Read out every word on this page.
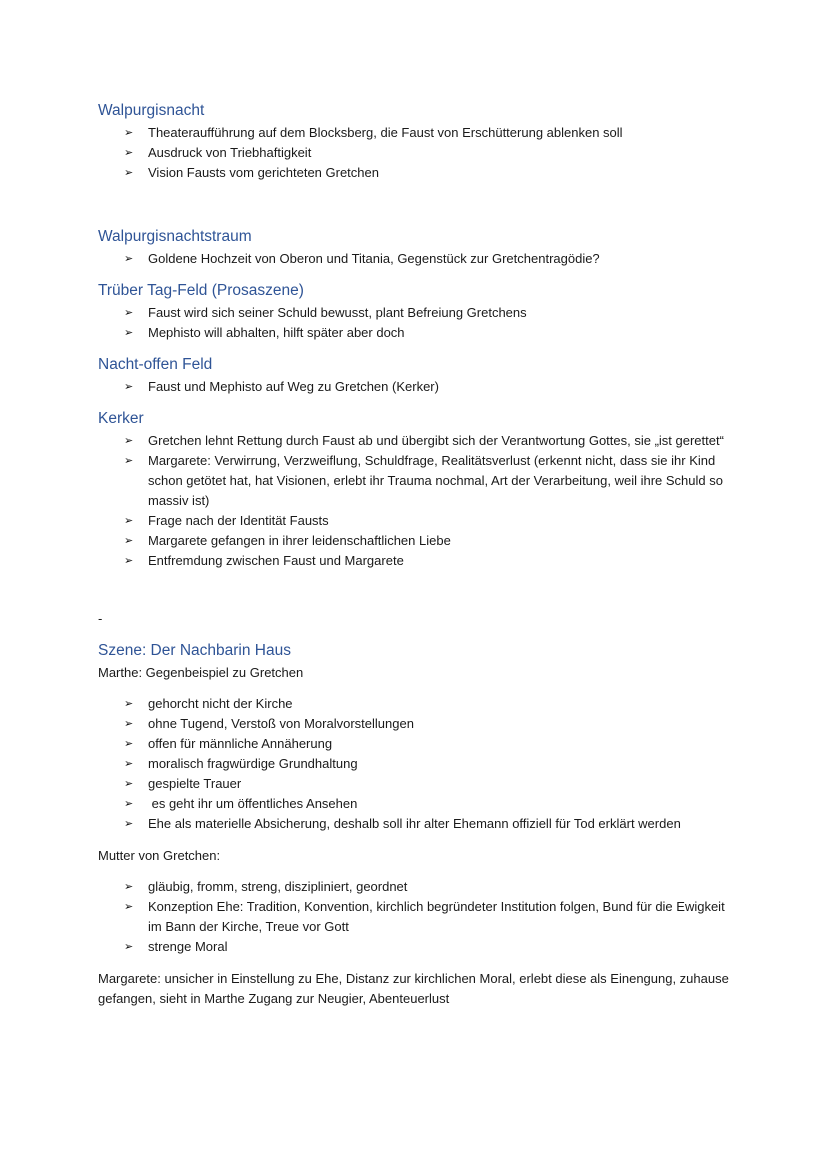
Walpurgisnacht
➢ Theateraufführung auf dem Blocksberg, die Faust von Erschütterung ablenken soll
➢ Ausdruck von Triebhaftigkeit
➢ Vision Fausts vom gerichteten Gretchen
Walpurgisnachtstraum
➢ Goldene Hochzeit von Oberon und Titania, Gegenstück zur Gretchentragödie?
Trüber Tag-Feld (Prosaszene)
➢ Faust wird sich seiner Schuld bewusst, plant Befreiung Gretchens
➢ Mephisto will abhalten, hilft später aber doch
Nacht-offen Feld
➢ Faust und Mephisto auf Weg zu Gretchen (Kerker)
Kerker
➢ Gretchen lehnt Rettung durch Faust ab und übergibt sich der Verantwortung Gottes, sie „ist gerettet“
➢ Margarete: Verwirrung, Verzweiflung, Schuldfrage, Realitätsverlust (erkennt nicht, dass sie ihr Kind schon getötet hat, hat Visionen, erlebt ihr Trauma nochmal, Art der Verarbeitung, weil ihre Schuld so massiv ist)
➢ Frage nach der Identität Fausts
➢ Margarete gefangen in ihrer leidenschaftlichen Liebe
➢ Entfremdung zwischen Faust und Margarete
-
Szene: Der Nachbarin Haus

Marthe: Gegenbeispiel zu Gretchen

➢ gehorcht nicht der Kirche
➢ ohne Tugend, Verstoß von Moralvorstellungen
➢ offen für männliche Annäherung
➢ moralisch fragwürdige Grundhaltung
➢ gespielte Trauer
➢ es geht ihr um öffentliches Ansehen
➢ Ehe als materielle Absicherung, deshalb soll ihr alter Ehemann offiziell für Tod erklärt werden

Mutter von Gretchen:

➢ gläubig, fromm, streng, diszipliniert, geordnet
➢ Konzeption Ehe: Tradition, Konvention, kirchlich begründeter Institution folgen, Bund für die Ewigkeit im Bann der Kirche, Treue vor Gott
➢ strenge Moral

Margarete: unsicher in Einstellung zu Ehe, Distanz zur kirchlichen Moral, erlebt diese als Einengung, zuhause gefangen, sieht in Marthe Zugang zur Neugier, Abenteuerlust
